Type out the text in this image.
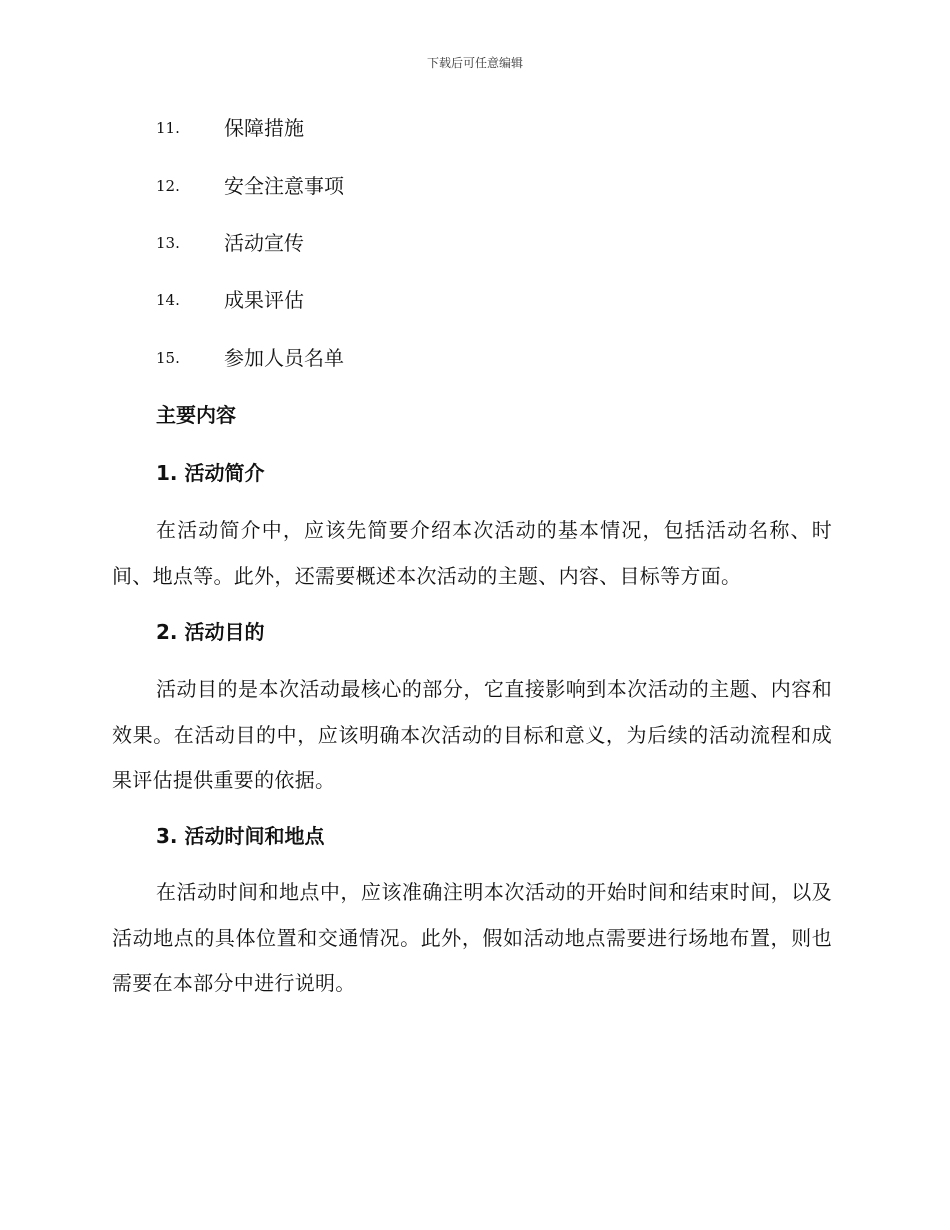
下载后可任意编辑
11.	保障措施
12.	安全注意事项
13.	活动宣传
14.	成果评估
15.	参加人员名单
主要内容
1. 活动简介
在活动简介中，应该先简要介绍本次活动的基本情况，包括活动名称、时间、地点等。此外，还需要概述本次活动的主题、内容、目标等方面。
2. 活动目的
活动目的是本次活动最核心的部分，它直接影响到本次活动的主题、内容和效果。在活动目的中，应该明确本次活动的目标和意义，为后续的活动流程和成果评估提供重要的依据。
3. 活动时间和地点
在活动时间和地点中，应该准确注明本次活动的开始时间和结束时间，以及活动地点的具体位置和交通情况。此外，假如活动地点需要进行场地布置，则也需要在本部分中进行说明。
